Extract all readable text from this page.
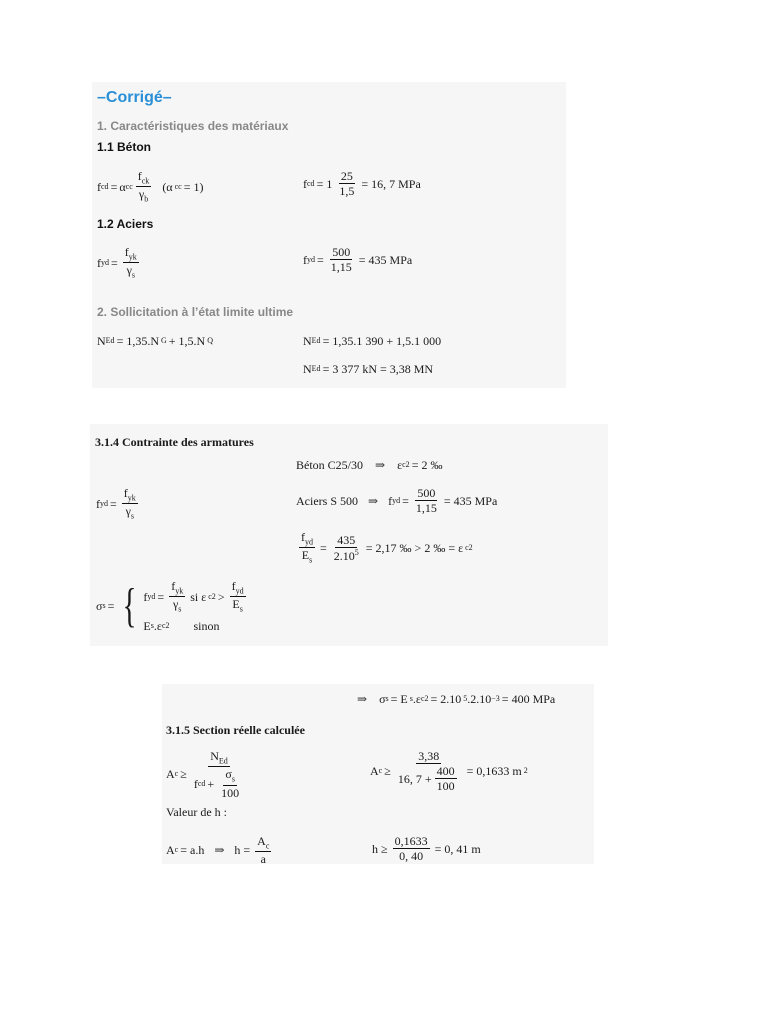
–Corrigé–
1. Caractéristiques des matériaux
1.1 Béton
f cd = α cc $\frac{f_{ck}}{\gamma_b} (\alpha$ cc = 1)	f cd = $1 \frac{25}{1,5} = 16$, 7 MPa
1.2 Aciers
f yd = $\frac{f_{yk}}{\gamma_s}$	f yd = $\frac{500}{1,15} = 435$ MPa
2. Sollicitation à l’état limite ultime
N Ed = 1,35.N G + 1,5.N Q	N Ed = 1,35.1 390 + 1,5.1 000
N Ed = 3 377 kN = 3,38 MN
3.1.4 Contrainte des armatures
Béton C25/30 ⇒ ε c2 = 2 ‰
f yd = $\frac{f_{yk}}{\gamma_s}$	Aciers S 500 ⇒ f yd = $\frac{500}{1,15} = 435$ MPa
$\frac{f_{yd}}{E_s} = \frac{435}{2.10^5} = 2,17$ ‰ > 2 ‰ = ε c2
σ s = { f yd = $\frac{f_{yk}}{\gamma_s}$ si ε $c2 > \frac{f_{yd}}{E_s}$
E s .ε c2 sinon
⇒ σ s = E s .ε c2 = 2.10 5 .2.10 −3 = 400 MPa
3.1.5 Section réelle calculée
A $c \ge \frac{N_{Ed}}{f cd + \frac{\sigma_s}{100}}$	A $c \ge \frac{3,38}{16, 7 + \frac{400}{100}} = 0,1633$ m 2
Valeur de h :
A c = a.h ⇒ $h = \frac{A_c}{a}$	$h \ge \frac{0,1633}{0, 40} = 0$, 41 m
